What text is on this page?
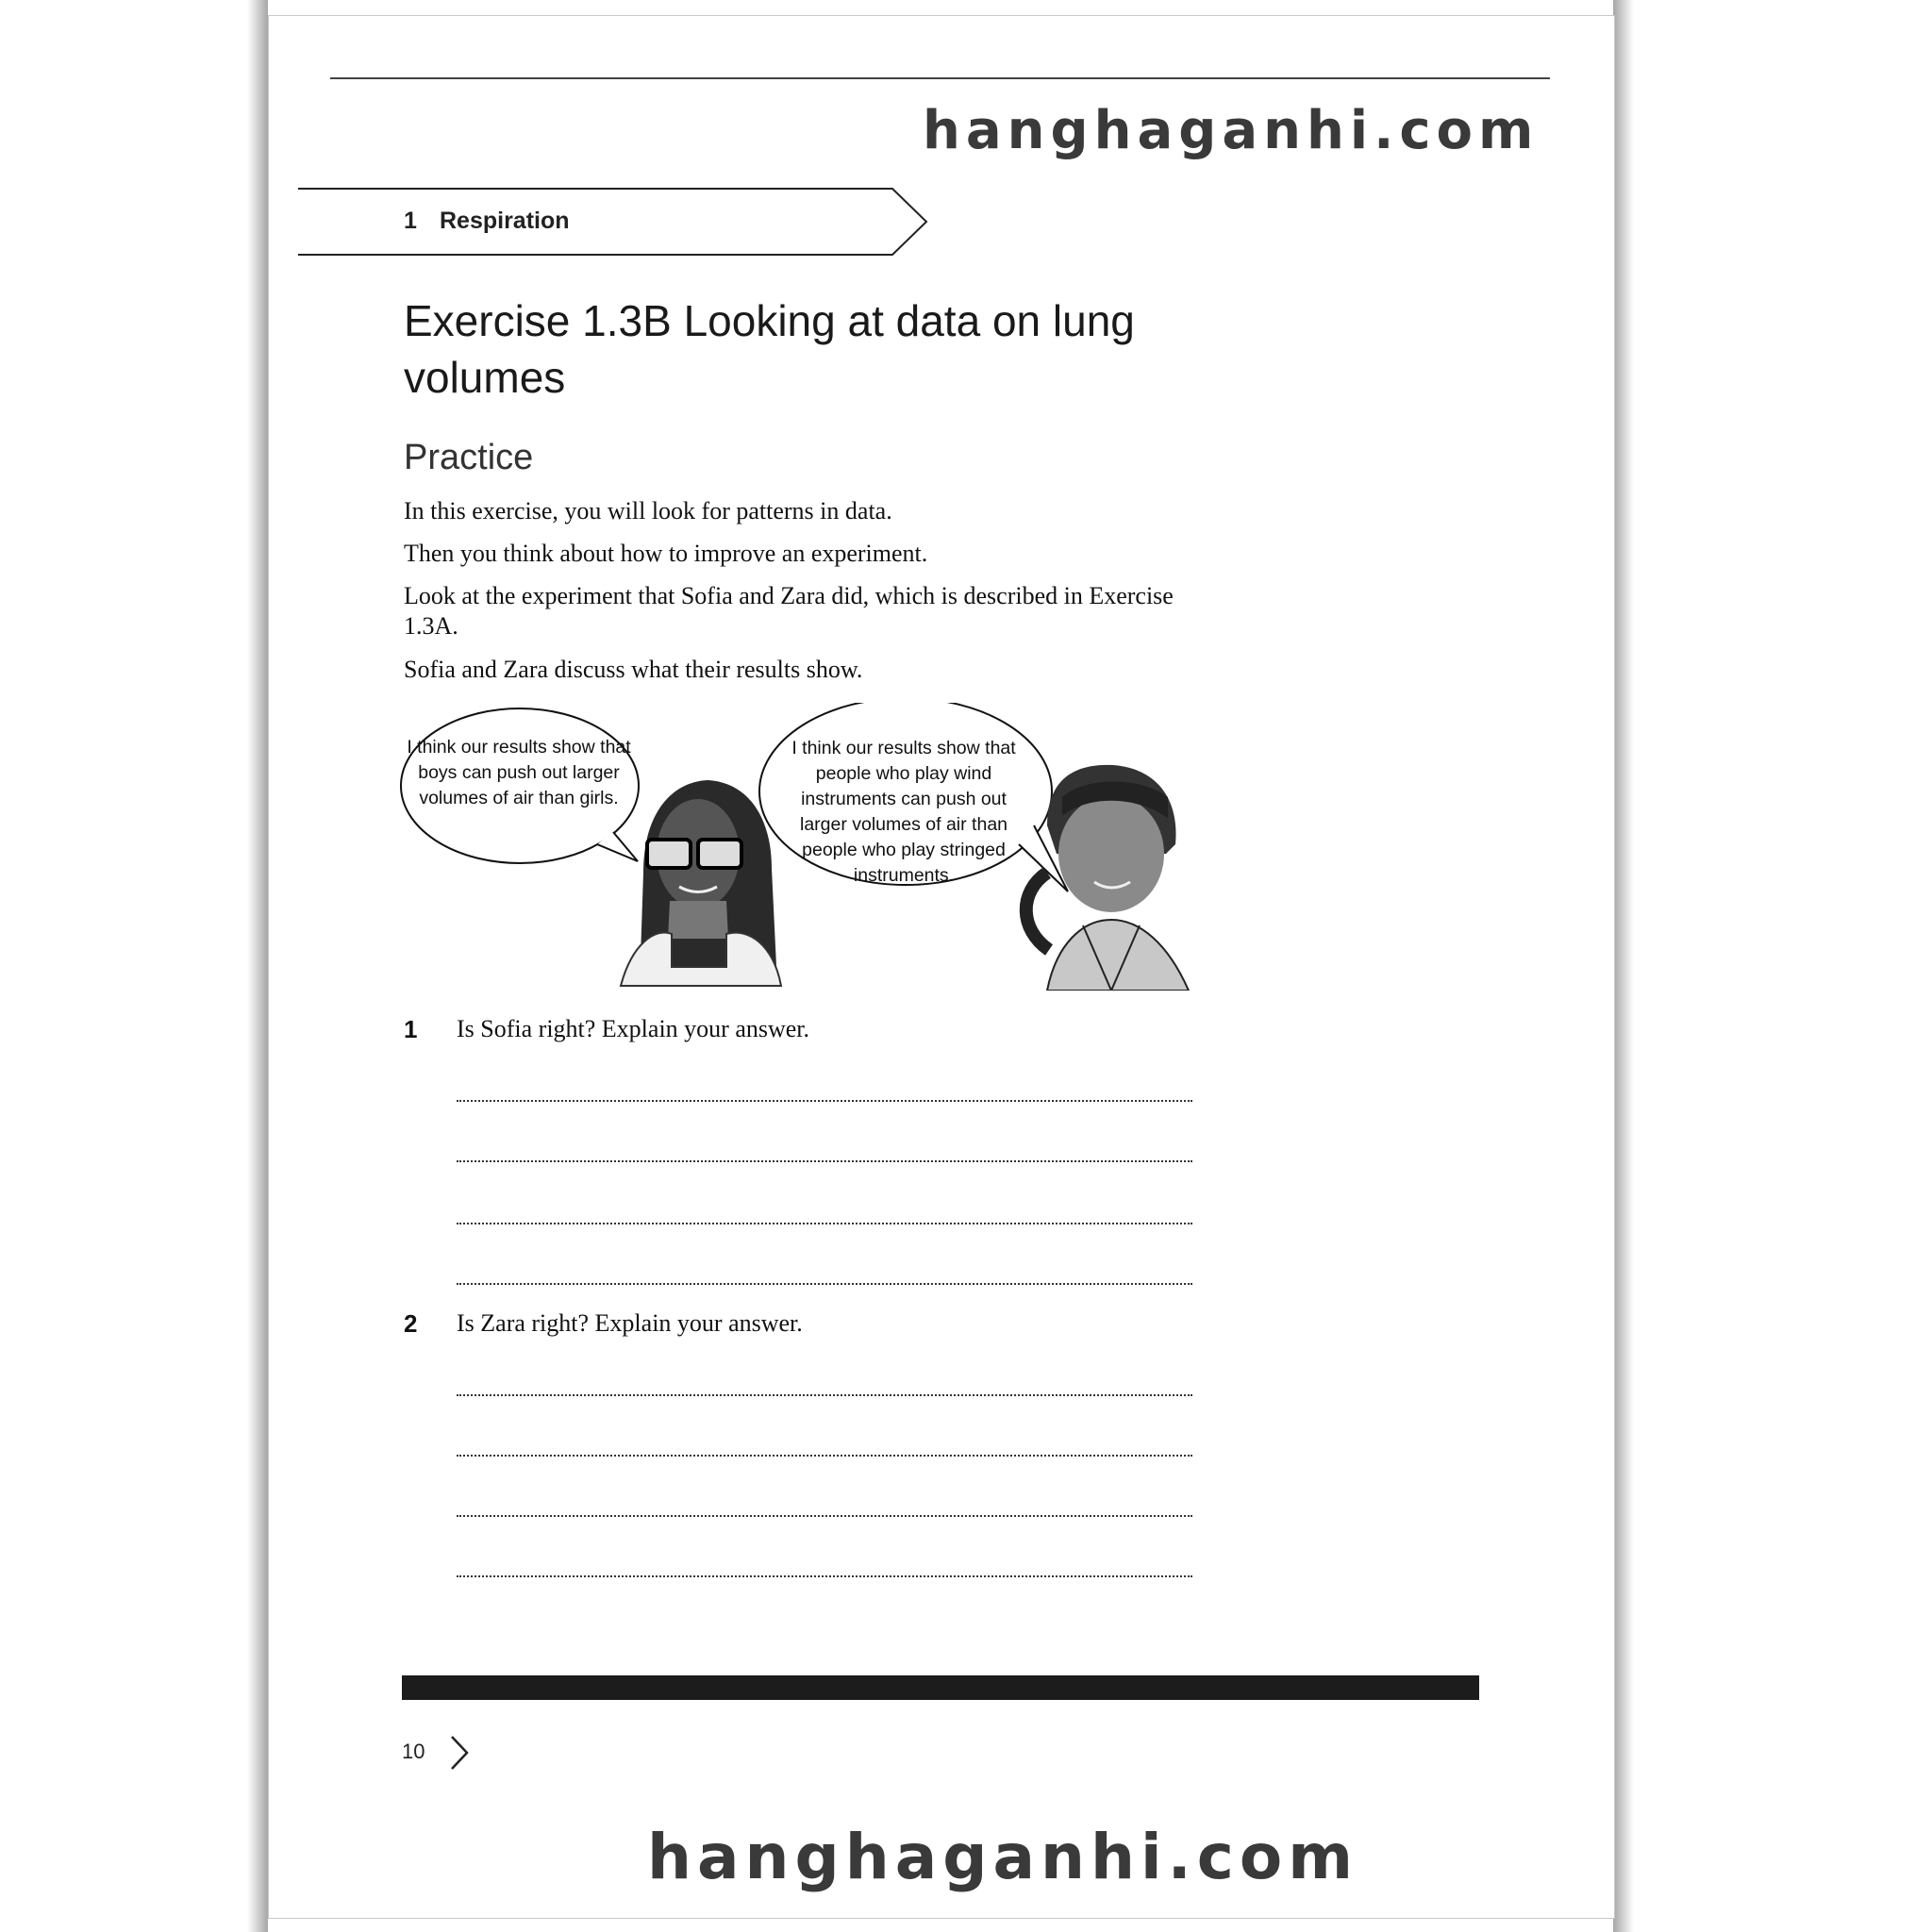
hanghaganhi.com
1 Respiration
Exercise 1.3B Looking at data on lung volumes
Practice
In this exercise, you will look for patterns in data.
Then you think about how to improve an experiment.
Look at the experiment that Sofia and Zara did, which is described in Exercise 1.3A.
Sofia and Zara discuss what their results show.
I think our results show that boys can push out larger volumes of air than girls.
I think our results show that people who play wind instruments can push out larger volumes of air than people who play stringed instruments.
1 Is Sofia right? Explain your answer.
2 Is Zara right? Explain your answer.
10
hanghaganhi.com
